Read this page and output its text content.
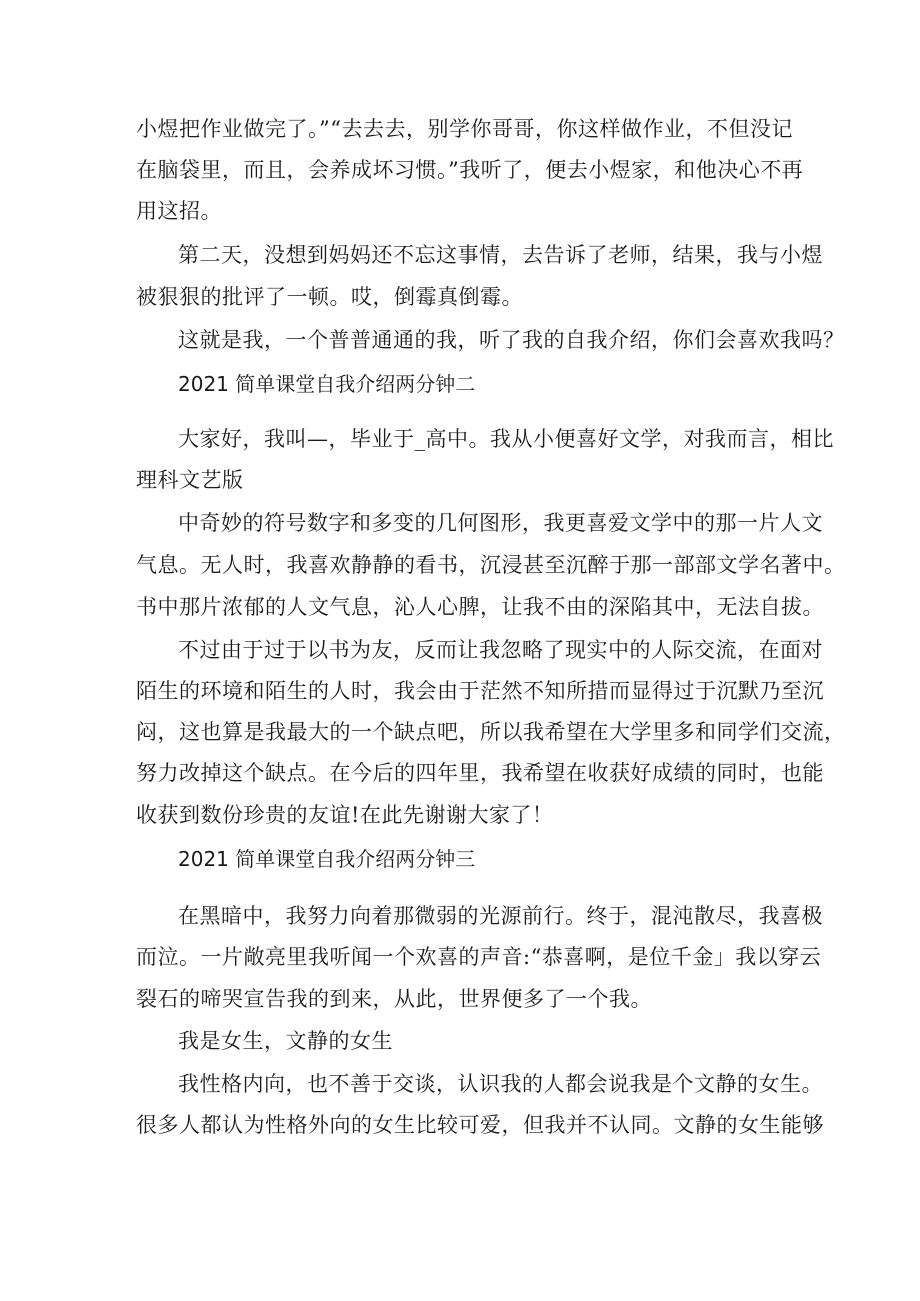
小煜把作业做完了。”“去去去，别学你哥哥，你这样做作业，不但没记
在脑袋里，而且，会养成坏习惯。”我听了，便去小煜家，和他决心不再
用这招。
第二天，没想到妈妈还不忘这事情，去告诉了老师，结果，我与小煜
被狠狠的批评了一顿。哎，倒霉真倒霉。
这就是我，一个普普通通的我，听了我的自我介绍，你们会喜欢我吗？
2021 简单课堂自我介绍两分钟二
大家好，我叫—，毕业于_高中。我从小便喜好文学，对我而言，相比
理科文艺版
中奇妙的符号数字和多变的几何图形，我更喜爱文学中的那一片人文
气息。无人时，我喜欢静静的看书，沉浸甚至沉醉于那一部部文学名著中。
书中那片浓郁的人文气息，沁人心脾，让我不由的深陷其中，无法自拔。
不过由于过于以书为友，反而让我忽略了现实中的人际交流，在面对
陌生的环境和陌生的人时，我会由于茫然不知所措而显得过于沉默乃至沉
闷，这也算是我最大的一个缺点吧，所以我希望在大学里多和同学们交流，
努力改掉这个缺点。在今后的四年里，我希望在收获好成绩的同时，也能
收获到数份珍贵的友谊!在此先谢谢大家了！
2021 简单课堂自我介绍两分钟三
在黑暗中，我努力向着那微弱的光源前行。终于，混沌散尽，我喜极
而泣。一片敞亮里我听闻一个欢喜的声音:“恭喜啊，是位千金」我以穿云
裂石的啼哭宣告我的到来，从此，世界便多了一个我。
我是女生，文静的女生
我性格内向，也不善于交谈，认识我的人都会说我是个文静的女生。
很多人都认为性格外向的女生比较可爱，但我并不认同。文静的女生能够
